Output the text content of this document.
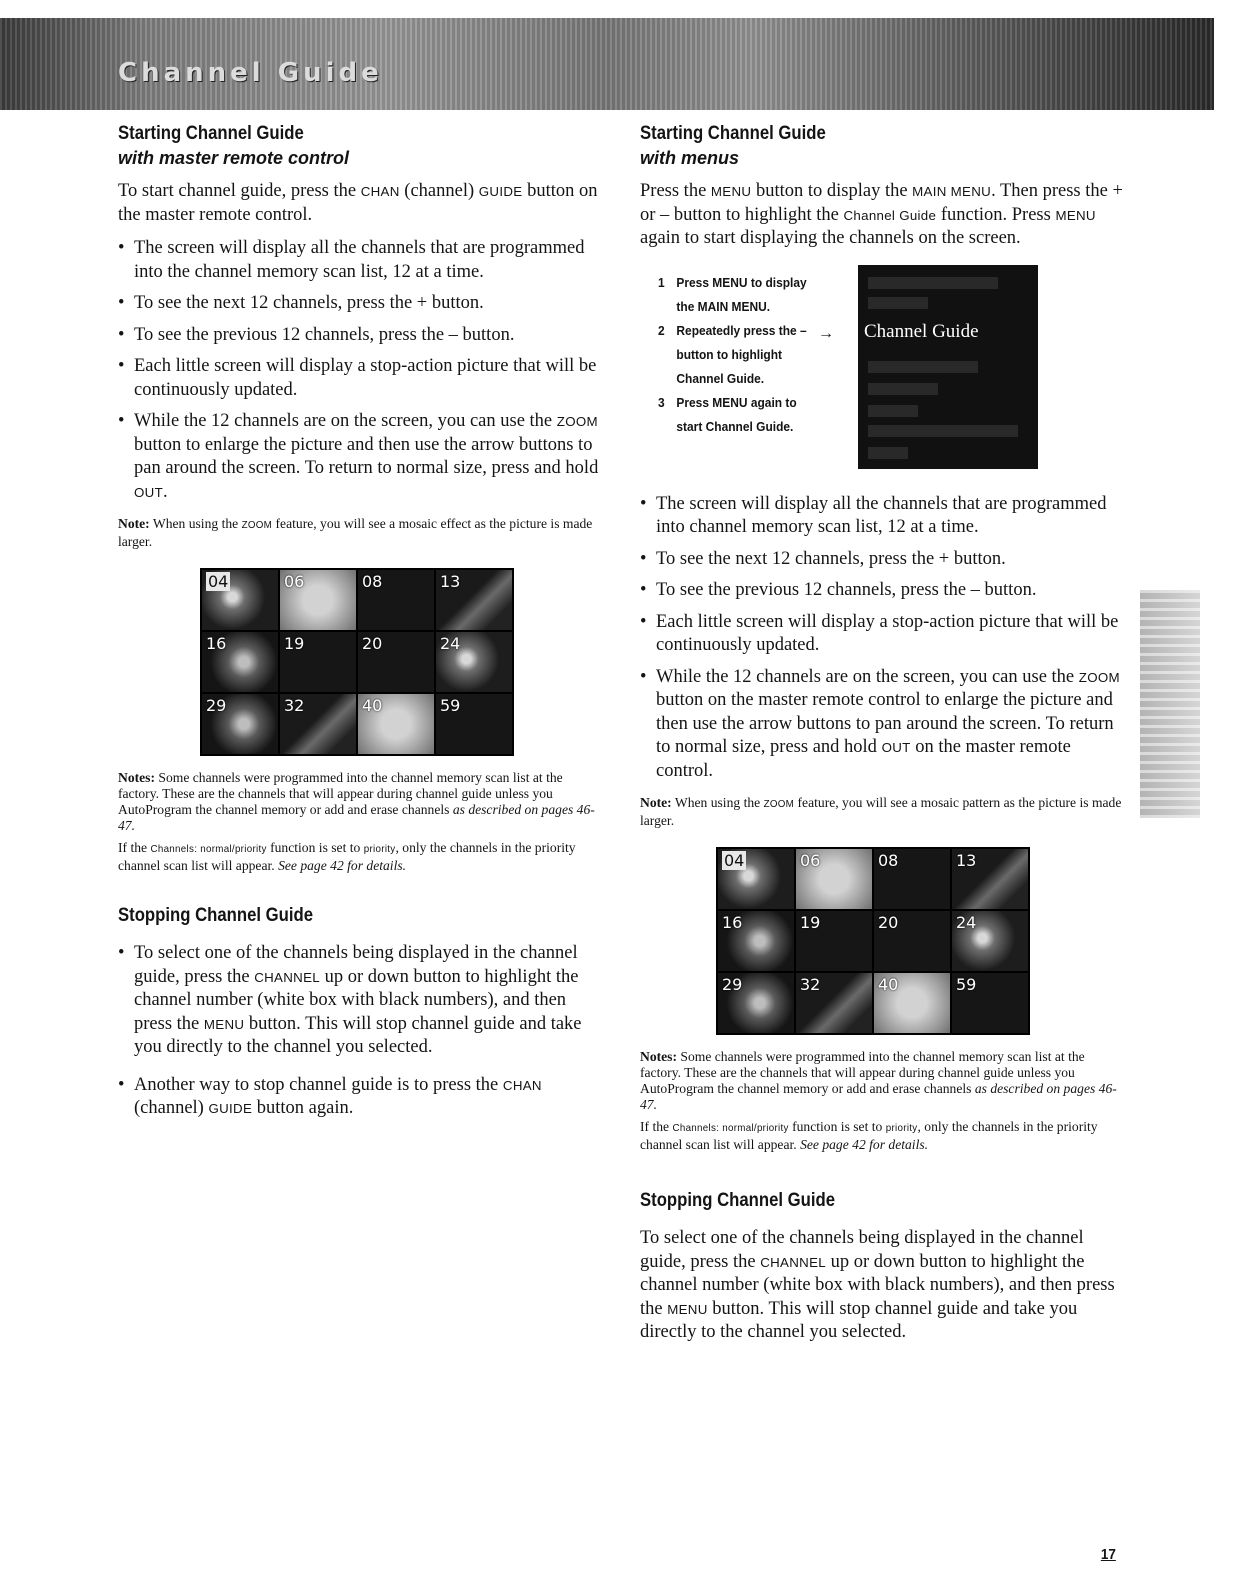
Channel Guide
Starting Channel Guide
with master remote control

To start channel guide, press the CHAN (channel) GUIDE button on the master remote control.

• The screen will display all the channels that are programmed into the channel memory scan list, 12 at a time.
• To see the next 12 channels, press the + button.
• To see the previous 12 channels, press the – button.
• Each little screen will display a stop-action picture that will be continuously updated.
• While the 12 channels are on the screen, you can use the ZOOM button to enlarge the picture and then use the arrow buttons to pan around the screen. To return to normal size, press and hold OUT.

Note: When using the ZOOM feature, you will see a mosaic effect as the picture is made larger.

04	06	08	13
16	19	20	24
29	32	40	59

Notes: Some channels were programmed into the channel memory scan list at the factory. These are the channels that will appear during channel guide unless you AutoProgram the channel memory or add and erase channels as described on pages 46-47.

If the Channels: normal/priority function is set to priority, only the channels in the priority channel scan list will appear. See page 42 for details.

Stopping Channel Guide
• To select one of the channels being displayed in the channel guide, press the CHANNEL up or down button to highlight the channel number (white box with black numbers), and then press the MENU button. This will stop channel guide and take you directly to the channel you selected.
• Another way to stop channel guide is to press the CHAN (channel) GUIDE button again.
Starting Channel Guide
with menus

Press the MENU button to display the MAIN MENU. Then press the + or – button to highlight the Channel Guide function. Press MENU again to start displaying the channels on the screen.

1 Press MENU to display the MAIN MENU.
2 Repeatedly press the – button to highlight Channel Guide.
3 Press MENU again to start Channel Guide.
→ Channel Guide
• The screen will display all the channels that are programmed into channel memory scan list, 12 at a time.
• To see the next 12 channels, press the + button.
• To see the previous 12 channels, press the – button.
• Each little screen will display a stop-action picture that will be continuously updated.
• While the 12 channels are on the screen, you can use the ZOOM button on the master remote control to enlarge the picture and then use the arrow buttons to pan around the screen. To return to normal size, press and hold OUT on the master remote control.

Note: When using the ZOOM feature, you will see a mosaic pattern as the picture is made larger.

04	06	08	13
16	19	20	24
29	32	40	59

Notes: Some channels were programmed into the channel memory scan list at the factory. These are the channels that will appear during channel guide unless you AutoProgram the channel memory or add and erase channels as described on pages 46-47.

If the Channels: normal/priority function is set to priority, only the channels in the priority channel scan list will appear. See page 42 for details.

Stopping Channel Guide

To select one of the channels being displayed in the channel guide, press the CHANNEL up or down button to highlight the channel number (white box with black numbers), and then press the MENU button. This will stop channel guide and take you directly to the channel you selected.

17
